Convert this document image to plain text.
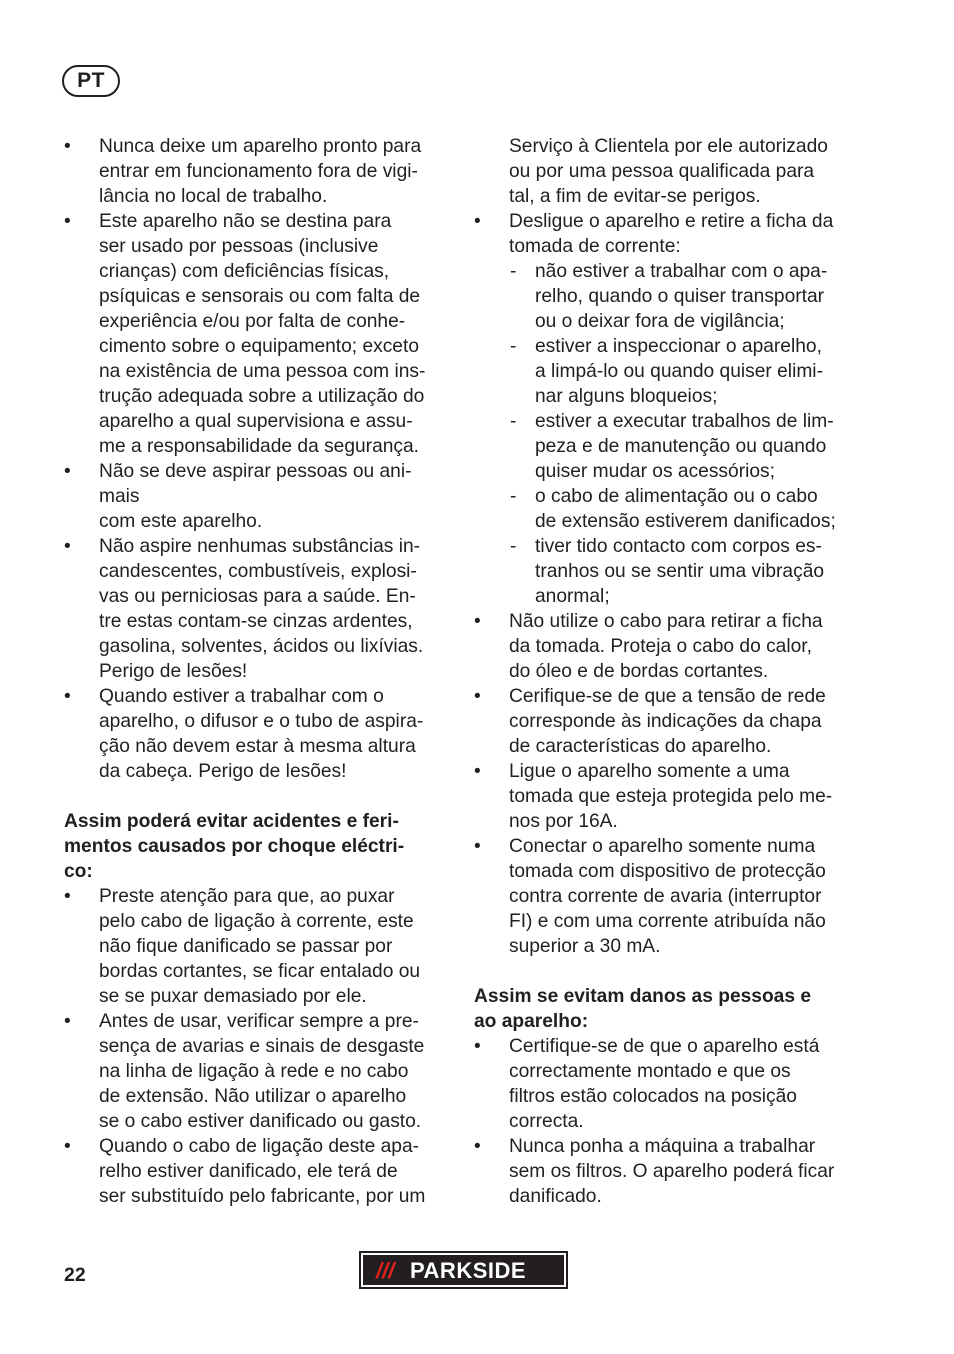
PT
• Nunca deixe um aparelho pronto para
entrar em funcionamento fora de vigi-
lância no local de trabalho.
• Este aparelho não se destina para
ser usado por pessoas (inclusive
crianças) com deficiências físicas,
psíquicas e sensorais ou com falta de
experiência e/ou por falta de conhe-
cimento sobre o equipamento; exceto
na existência de uma pessoa com ins-
trução adequada sobre a utilização do
aparelho a qual supervisiona e assu-
me a responsabilidade da segurança.
• Não se deve aspirar pessoas ou ani-
mais
com este aparelho.
• Não aspire nenhumas substâncias in-
candescentes, combustíveis, explosi-
vas ou perniciosas para a saúde. En-
tre estas contam-se cinzas ardentes,
gasolina, solventes, ácidos ou lixívias.
Perigo de lesões!
• Quando estiver a trabalhar com o
aparelho, o difusor e o tubo de aspira-
ção não devem estar à mesma altura
da cabeça. Perigo de lesões!
Assim poderá evitar acidentes e feri-
mentos causados por choque eléctri-
co:
• Preste atenção para que, ao puxar
pelo cabo de ligação à corrente, este
não fique danificado se passar por
bordas cortantes, se ficar entalado ou
se se puxar demasiado por ele.
• Antes de usar, verificar sempre a pre-
sença de avarias e sinais de desgaste
na linha de ligação à rede e no cabo
de extensão. Não utilizar o aparelho
se o cabo estiver danificado ou gasto.
• Quando o cabo de ligação deste apa-
relho estiver danificado, ele terá de
ser substituído pelo fabricante, por um
Serviço à Clientela por ele autorizado
ou por uma pessoa qualificada para
tal, a fim de evitar-se perigos.
• Desligue o aparelho e retire a ficha da
tomada de corrente:
- não estiver a trabalhar com o apa-
relho, quando o quiser transportar
ou o deixar fora de vigilância;
- estiver a inspeccionar o aparelho,
a limpá-lo ou quando quiser elimi-
nar alguns bloqueios;
- estiver a executar trabalhos de lim-
peza e de manutenção ou quando
quiser mudar os acessórios;
- o cabo de alimentação ou o cabo
de extensão estiverem danificados;
- tiver tido contacto com corpos es-
tranhos ou se sentir uma vibração
anormal;
• Não utilize o cabo para retirar a ficha
da tomada. Proteja o cabo do calor,
do óleo e de bordas cortantes.
• Cerifique-se de que a tensão de rede
corresponde às indicações da chapa
de características do aparelho.
• Ligue o aparelho somente a uma
tomada que esteja protegida pelo me-
nos por 16A.
• Conectar o aparelho somente numa
tomada com dispositivo de protecção
contra corrente de avaria (interruptor
FI) e com uma corrente atribuída não
superior a 30 mA.
Assim se evitam danos as pessoas e
ao aparelho:
• Certifique-se de que o aparelho está
correctamente montado e que os
filtros estão colocados na posição
correcta.
• Nunca ponha a máquina a trabalhar
sem os filtros. O aparelho poderá ficar
danificado.
22	/// PARKSIDE
